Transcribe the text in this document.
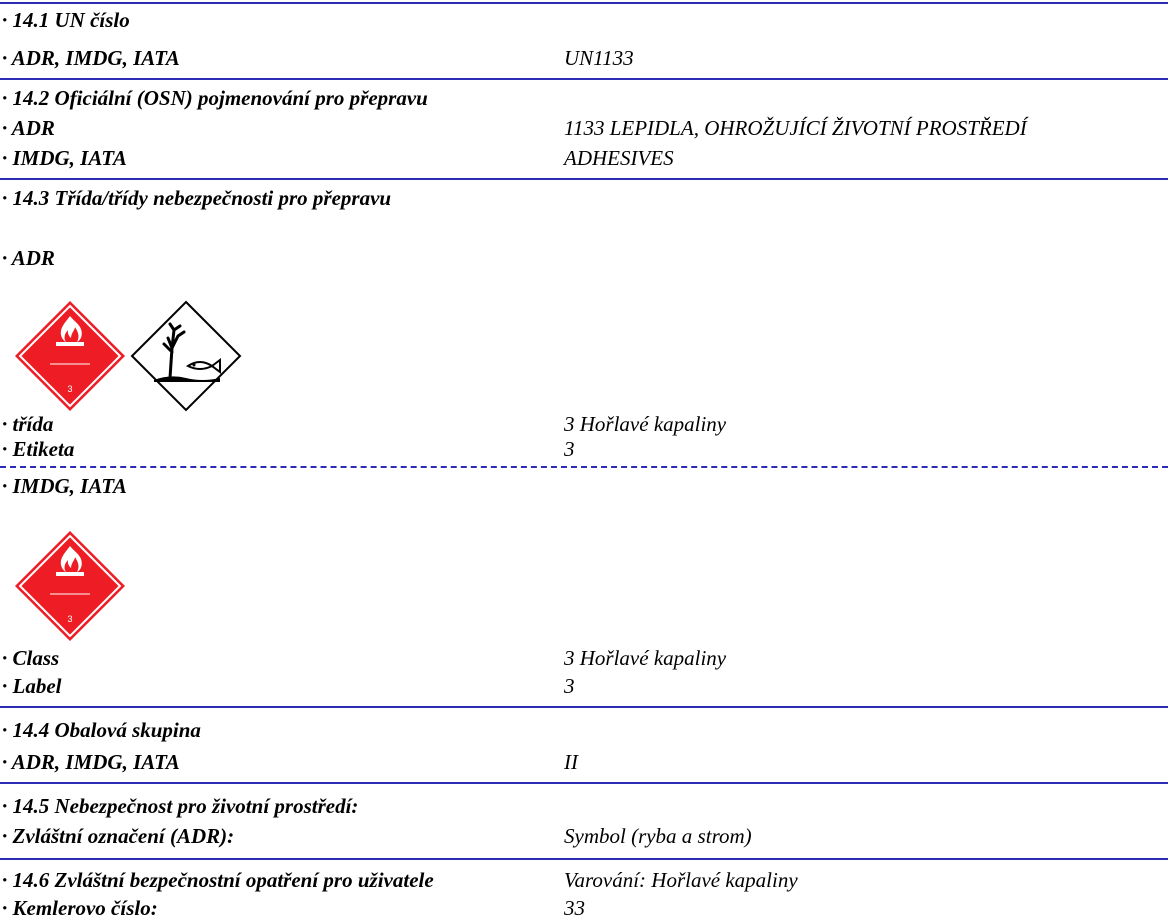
· 14.1 UN číslo
· ADR, IMDG, IATA	UN1133
· 14.2 Oficiální (OSN) pojmenování pro přepravu
· ADR	1133 LEPIDLA, OHROŽUJÍCÍ ŽIVOTNÍ PROSTŘEDÍ
· IMDG, IATA	ADHESIVES
· 14.3 Třída/třídy nebezpečnosti pro přepravu
· ADR
3
· třída	3 Hořlavé kapaliny
· Etiketa	3
· IMDG, IATA
3
· Class	3 Hořlavé kapaliny
· Label	3
· 14.4 Obalová skupina
· ADR, IMDG, IATA	II
· 14.5 Nebezpečnost pro životní prostředí:
· Zvláštní označení (ADR):	Symbol (ryba a strom)
· 14.6 Zvláštní bezpečnostní opatření pro uživatele	Varování: Hořlavé kapaliny
· Kemlerovo číslo:	33
